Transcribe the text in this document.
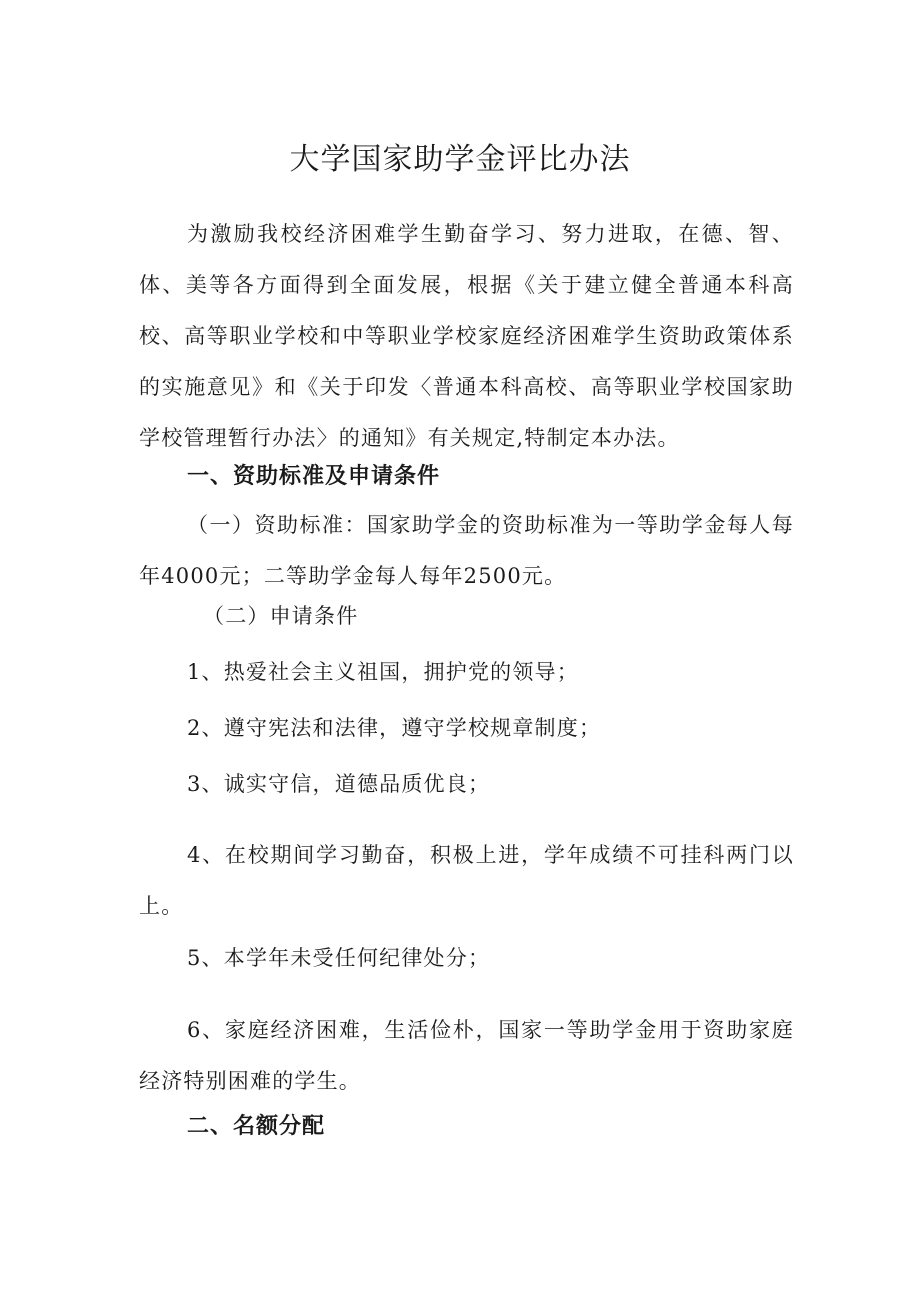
大学国家助学金评比办法

为激励我校经济困难学生勤奋学习、努力进取，在德、智、体、美等各方面得到全面发展，根据《关于建立健全普通本科高校、高等职业学校和中等职业学校家庭经济困难学生资助政策体系的实施意见》和《关于印发〈普通本科高校、高等职业学校国家助学校管理暂行办法〉的通知》有关规定,特制定本办法。

一、资助标准及申请条件

（一）资助标准：国家助学金的资助标准为一等助学金每人每年4000元；二等助学金每人每年2500元。

（二）申请条件

1、热爱社会主义祖国，拥护党的领导；

2、遵守宪法和法律，遵守学校规章制度；

3、诚实守信，道德品质优良；

4、在校期间学习勤奋，积极上进，学年成绩不可挂科两门以上。

5、本学年未受任何纪律处分；

6、家庭经济困难，生活俭朴，国家一等助学金用于资助家庭经济特别困难的学生。

二、名额分配
